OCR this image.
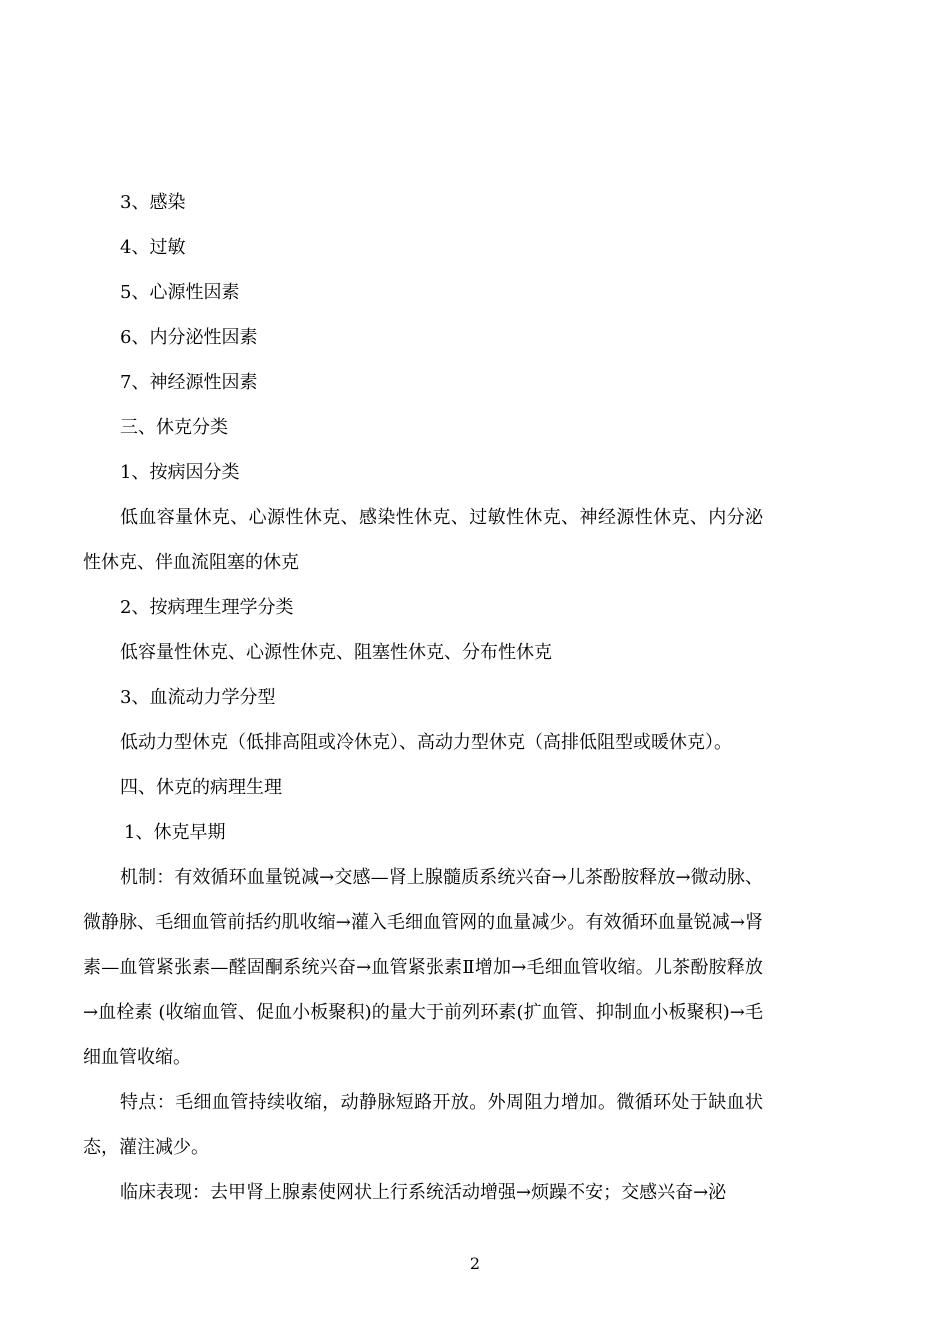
3、感染

4、过敏

5、心源性因素

6、内分泌性因素

7、神经源性因素

三、休克分类

1、按病因分类

低血容量休克、心源性休克、感染性休克、过敏性休克、神经源性休克、内分泌性休克、伴血流阻塞的休克

2、按病理生理学分类

低容量性休克、心源性休克、阻塞性休克、分布性休克

3、血流动力学分型

低动力型休克（低排高阻或冷休克）、高动力型休克（高排低阻型或暖休克）。

四、休克的病理生理

1、休克早期

机制：有效循环血量锐减→交感—肾上腺髓质系统兴奋→儿茶酚胺释放→微动脉、微静脉、毛细血管前括约肌收缩→灌入毛细血管网的血量减少。有效循环血量锐减→肾素—血管紧张素—醛固酮系统兴奋→血管紧张素Ⅱ增加→毛细血管收缩。儿茶酚胺释放→血栓素 (收缩血管、促血小板聚积)的量大于前列环素(扩血管、抑制血小板聚积)→毛细血管收缩。

特点：毛细血管持续收缩，动静脉短路开放。外周阻力增加。微循环处于缺血状态，灌注减少。

临床表现：去甲肾上腺素使网状上行系统活动增强→烦躁不安；交感兴奋→泌

2
